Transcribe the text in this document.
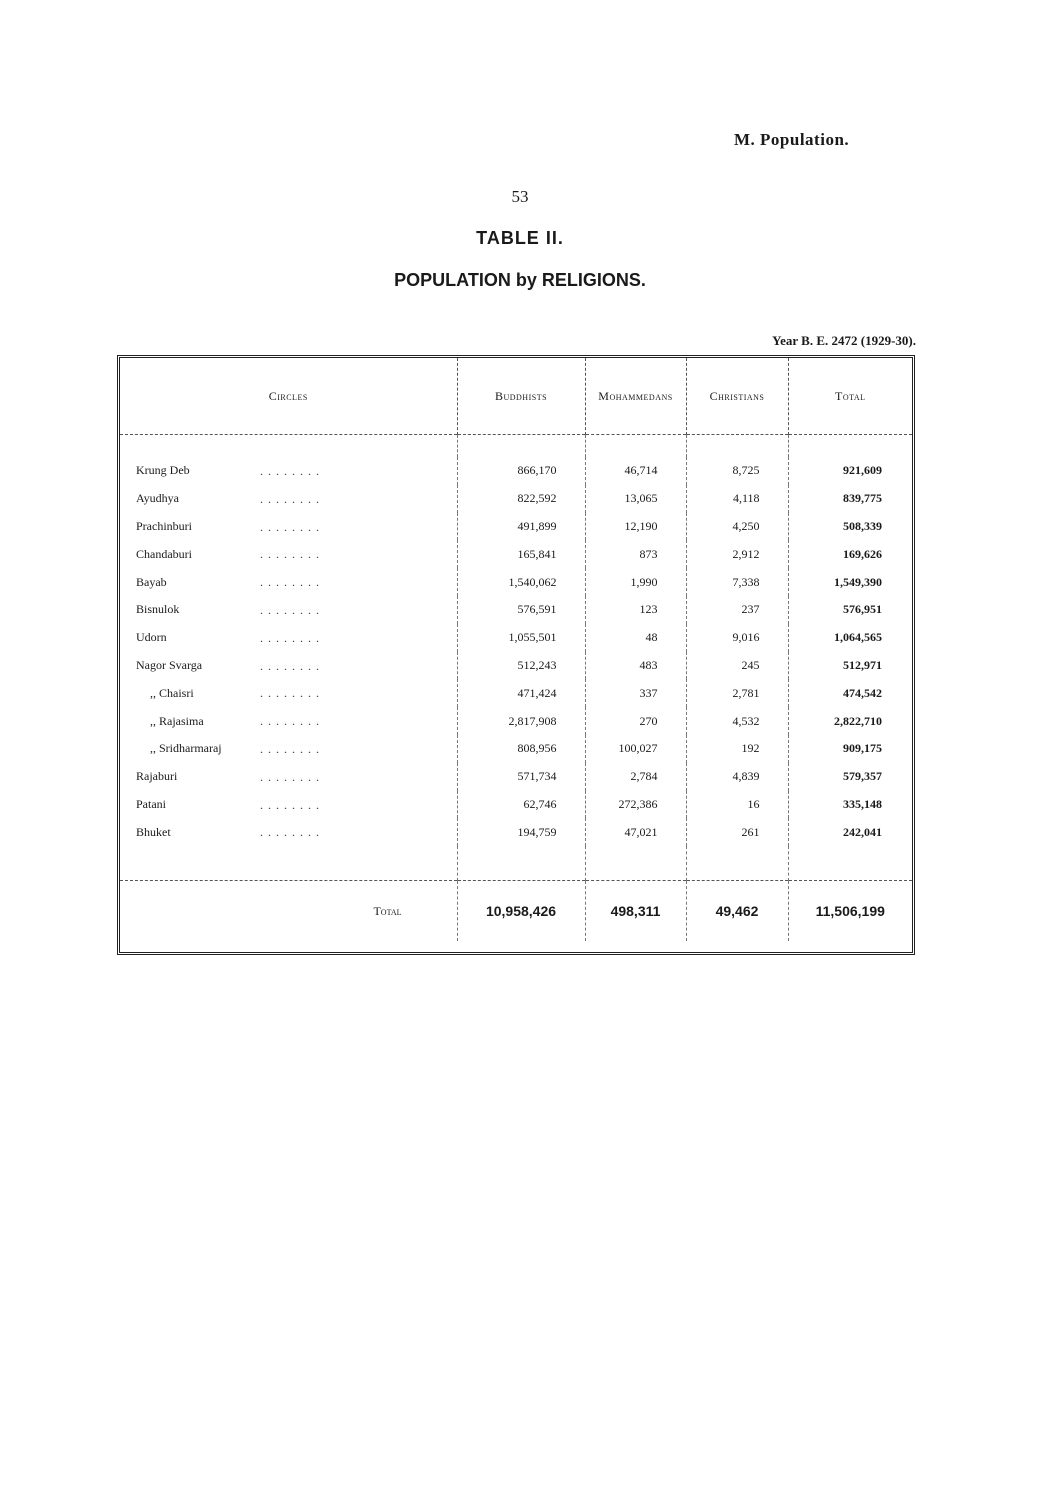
M. Population.
53
TABLE II.
POPULATION by RELIGIONS.
Year B. E. 2472 (1929-30).
Circles	Buddhists	Mohammedans	Christians	Total

Krung Deb . . . . . . . .	866,170	46,714	8,725	921,609
Ayudhya . . . . . . . .	822,592	13,065	4,118	839,775
Prachinburi . . . . . . . .	491,899	12,190	4,250	508,339
Chandaburi . . . . . . . .	165,841	873	2,912	169,626
Bayab . . . . . . . .	1,540,062	1,990	7,338	1,549,390
Bisnulok . . . . . . . .	576,591	123	237	576,951
Udorn . . . . . . . .	1,055,501	48	9,016	1,064,565
Nagor Svarga . . . . . . . .	512,243	483	245	512,971
,, Chaisri . . . . . . . .	471,424	337	2,781	474,542
,, Rajasima . . . . . . . .	2,817,908	270	4,532	2,822,710
,, Sridharmaraj . . . . . . . .	808,956	100,027	192	909,175
Rajaburi . . . . . . . .	571,734	2,784	4,839	579,357
Patani . . . . . . . .	62,746	272,386	16	335,148
Bhuket . . . . . . . .	194,759	47,021	261	242,041

Total	10,958,426	498,311	49,462	11,506,199
